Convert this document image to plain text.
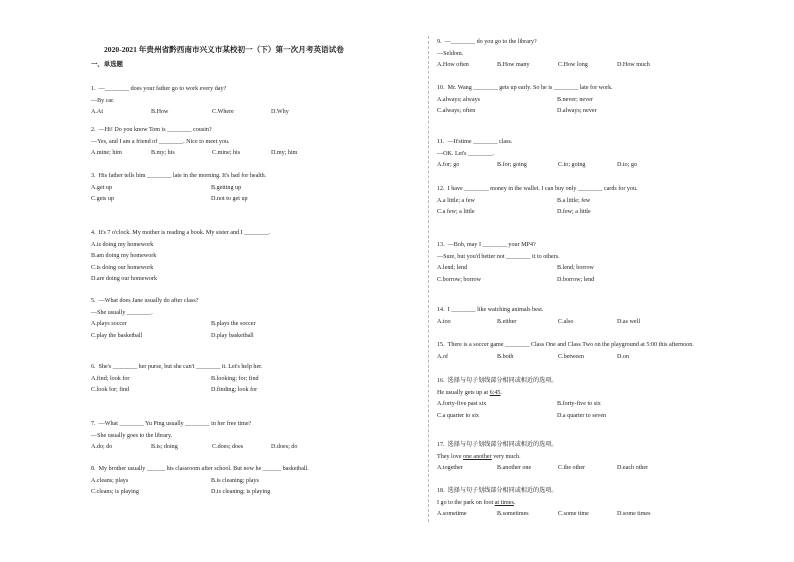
2020-2021 年贵州省黔西南市兴义市某校初一（下）第一次月考英语试卷
一、单选题
1. —________ does your father go to work every day?
—By car.
A.At	B.How	C.Where	D.Why
2. —Hi! Do you know Tom is ________ cousin?
—Yes, and I am a friend of ________. Nice to meet you.
A.mine; him	B.my; his	C.mine; his	D.my; him
3. His father tells him ________ late in the morning. It's bad for health.
A.get up	B.getting up
C.gets up	D.not to get up
4. It's 7 o'clock. My mother is reading a book. My sister and I ________.
A.is doing my homework
B.am doing my homework
C.is doing our homework
D.are doing our homework
5. —What does Jane usually do after class?
—She usually ________.
A.plays soccer	B.plays the soccer
C.play the basketball	D.play basketball
6. She's ________ her purse, but she can't ________ it. Let's help her.
A.find; look for	B.looking; for; find
C.look for; find	D.finding; look for
7. —What ________ Yu Ping usually ________ in her free time?
—She usually goes to the library.
A.do; do	B.is; doing	C.does; does	D.does; do
8. My brother usually ______ his classroom after school. But now he ______ basketball.
A.cleans; plays	B.is cleaning; plays
C.cleans; is playing	D.is cleaning; is playing
9. —________ do you go to the library?
—Seldom.
A.How often	B.How many	C.How long	D.How much
10. Mr. Wang ________ gets up early. So he is ________ late for work.
A.always; always	B.never; never
C.always; often	D.always; never
11. —It'stime ________ class.
—OK. Let's ________.
A.for; go	B.for; going	C.to; going	D.to; go
12. I have ________ money in the wallet. I can buy only ________ cards for you.
A.a little; a few	B.a little; few
C.a few; a little	D.few; a little
13. —Bob, may I ________ your MP4?
—Sure, but you'd better not ________ it to others.
A.lend; lend	B.lend; borrow
C.borrow; borrow	D.borrow; lend
14. I ________ like watching animals best.
A.too	B.either	C.also	D.as well
15. There is a soccer game ________ Class One and Class Two on the playground at 5:00 this afternoon.
A.of	B.both	C.between	D.on
16. 选择与句子划线部分相同或相近的选项。
He usually gets up at 6:45.
A.forty-five past six	B.forty-five to six
C.a quarter to six	D.a quarter to seven
17. 选择与句子划线部分相同或相近的选项。
They love one another very much.
A.together	B.another one	C.the other	D.each other
18. 选择与句子划线部分相同或相近的选项。
I go to the park on foot at times.
A.sometime	B.sometimes	C.some time	D.some times
